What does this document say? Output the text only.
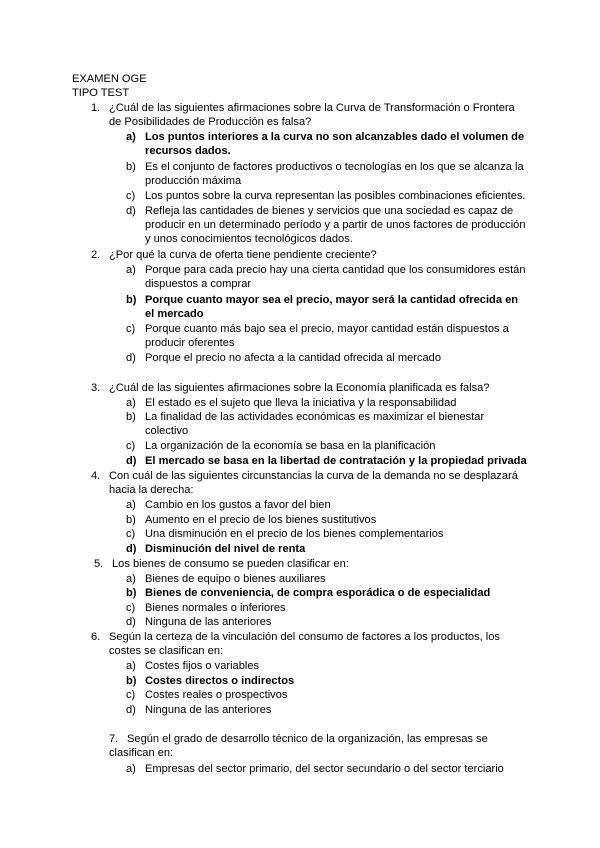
EXAMEN OGE
TIPO TEST
1. ¿Cuál de las siguientes afirmaciones sobre la Curva de Transformación o Frontera
de Posibilidades de Producción es falsa?
a) Los puntos interiores a la curva no son alcanzables dado el volumen de
recursos dados.
b) Es el conjunto de factores productivos o tecnologías en los que se alcanza la
producción máxima
c) Los puntos sobre la curva representan las posibles combinaciones eficientes.
d) Refleja las cantidades de bienes y servicios que una sociedad es capaz de
producir en un determinado período y a partir de unos factores de producción
y unos conocimientos tecnológicos dados.
2. ¿Por qué la curva de oferta tiene pendiente creciente?
a) Porque para cada precio hay una cierta cantidad que los consumidores están
dispuestos a comprar
b) Porque cuanto mayor sea el precio, mayor será la cantidad ofrecida en
el mercado
c) Porque cuanto más bajo sea el precio, mayor cantidad están dispuestos a
producir oferentes
d) Porque el precio no afecta a la cantidad ofrecida al mercado
3. ¿Cuál de las siguientes afirmaciones sobre la Economía planificada es falsa?
a) El estado es el sujeto que lleva la iniciativa y la responsabilidad
b) La finalidad de las actividades económicas es maximizar el bienestar
colectivo
c) La organización de la economía se basa en la planificación
d) El mercado se basa en la libertad de contratación y la propiedad privada
4. Con cuál de las siguientes circunstancias la curva de la demanda no se desplazará
hacia la derecha:
a) Cambio en los gustos a favor del bien
b) Aumento en el precio de los bienes sustitutivos
c) Una disminución en el precio de los bienes complementarios
d) Disminución del nivel de renta
5. Los bienes de consumo se pueden clasificar en:
a) Bienes de equipo o bienes auxiliares
b) Bienes de conveniencia, de compra esporádica o de especialidad
c) Bienes normales o inferiores
d) Ninguna de las anteriores
6. Según la certeza de la vinculación del consumo de factores a los productos, los
costes se clasifican en:
a) Costes fijos o variables
b) Costes directos o indirectos
c) Costes reales o prospectivos
d) Ninguna de las anteriores
7. Según el grado de desarrollo técnico de la organización, las empresas se
clasifican en:
a) Empresas del sector primario, del sector secundario o del sector terciario
